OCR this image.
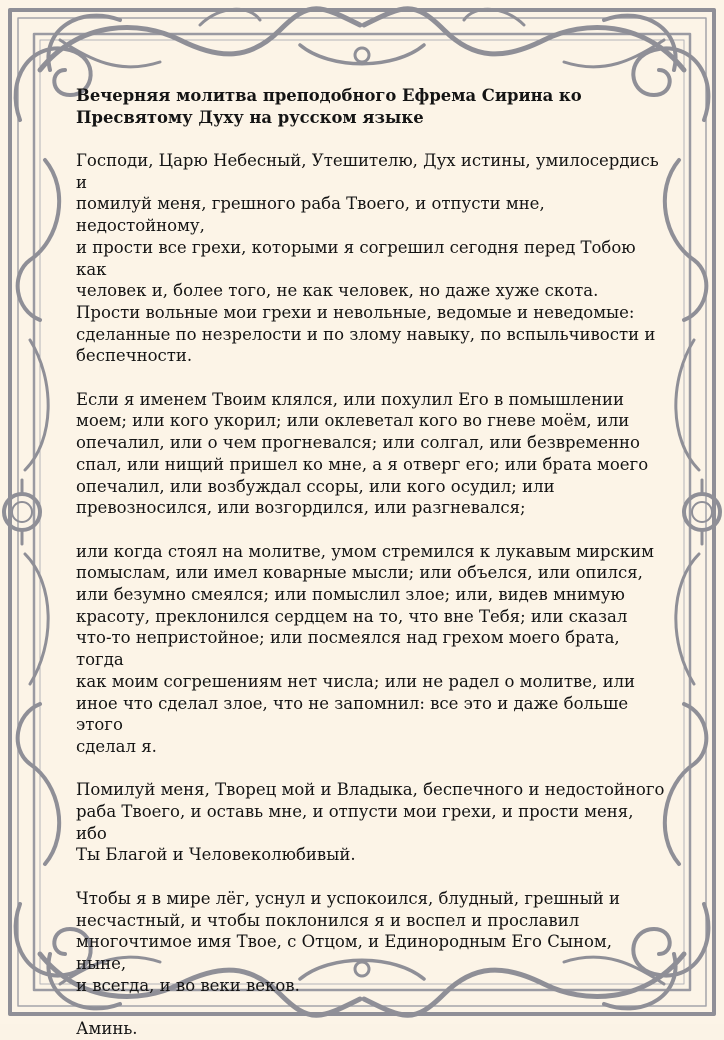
Вечерняя молитва преподобного Ефрема Сирина ко
Пресвятому Духу на русском языке
Господи, Царю Небесный, Утешителю, Дух истины, умилосердись и
помилуй меня, грешного раба Твоего, и отпусти мне, недостойному,
и прости все грехи, которыми я согрешил сегодня перед Тобою как
человек и, более того, не как человек, но даже хуже скота.
Прости вольные мои грехи и невольные, ведомые и неведомые:
сделанные по незрелости и по злому навыку, по вспыльчивости и
беспечности.
Если я именем Твоим клялся, или похулил Его в помышлении
моем; или кого укорил; или оклеветал кого во гневе моём, или
опечалил, или о чем прогневался; или солгал, или безвременно
спал, или нищий пришел ко мне, а я отверг его; или брата моего
опечалил, или возбуждал ссоры, или кого осудил; или
превозносился, или возгордился, или разгневался;
или когда стоял на молитве, умом стремился к лукавым мирским
помыслам, или имел коварные мысли; или объелся, или опился,
или безумно смеялся; или помыслил злое; или, видев мнимую
красоту, преклонился сердцем на то, что вне Тебя; или сказал
что-то непристойное; или посмеялся над грехом моего брата, тогда
как моим согрешениям нет числа; или не радел о молитве, или
иное что сделал злое, что не запомнил: все это и даже больше этого
сделал я.
Помилуй меня, Творец мой и Владыка, беспечного и недостойного
раба Твоего, и оставь мне, и отпусти мои грехи, и прости меня, ибо
Ты Благой и Человеколюбивый.
Чтобы я в мире лёг, уснул и успокоился, блудный, грешный и
несчастный, и чтобы поклонился я и воспел и прославил
многочтимое имя Твое, с Отцом, и Единородным Его Сыном, ныне,
и всегда, и во веки веков.
Аминь.
